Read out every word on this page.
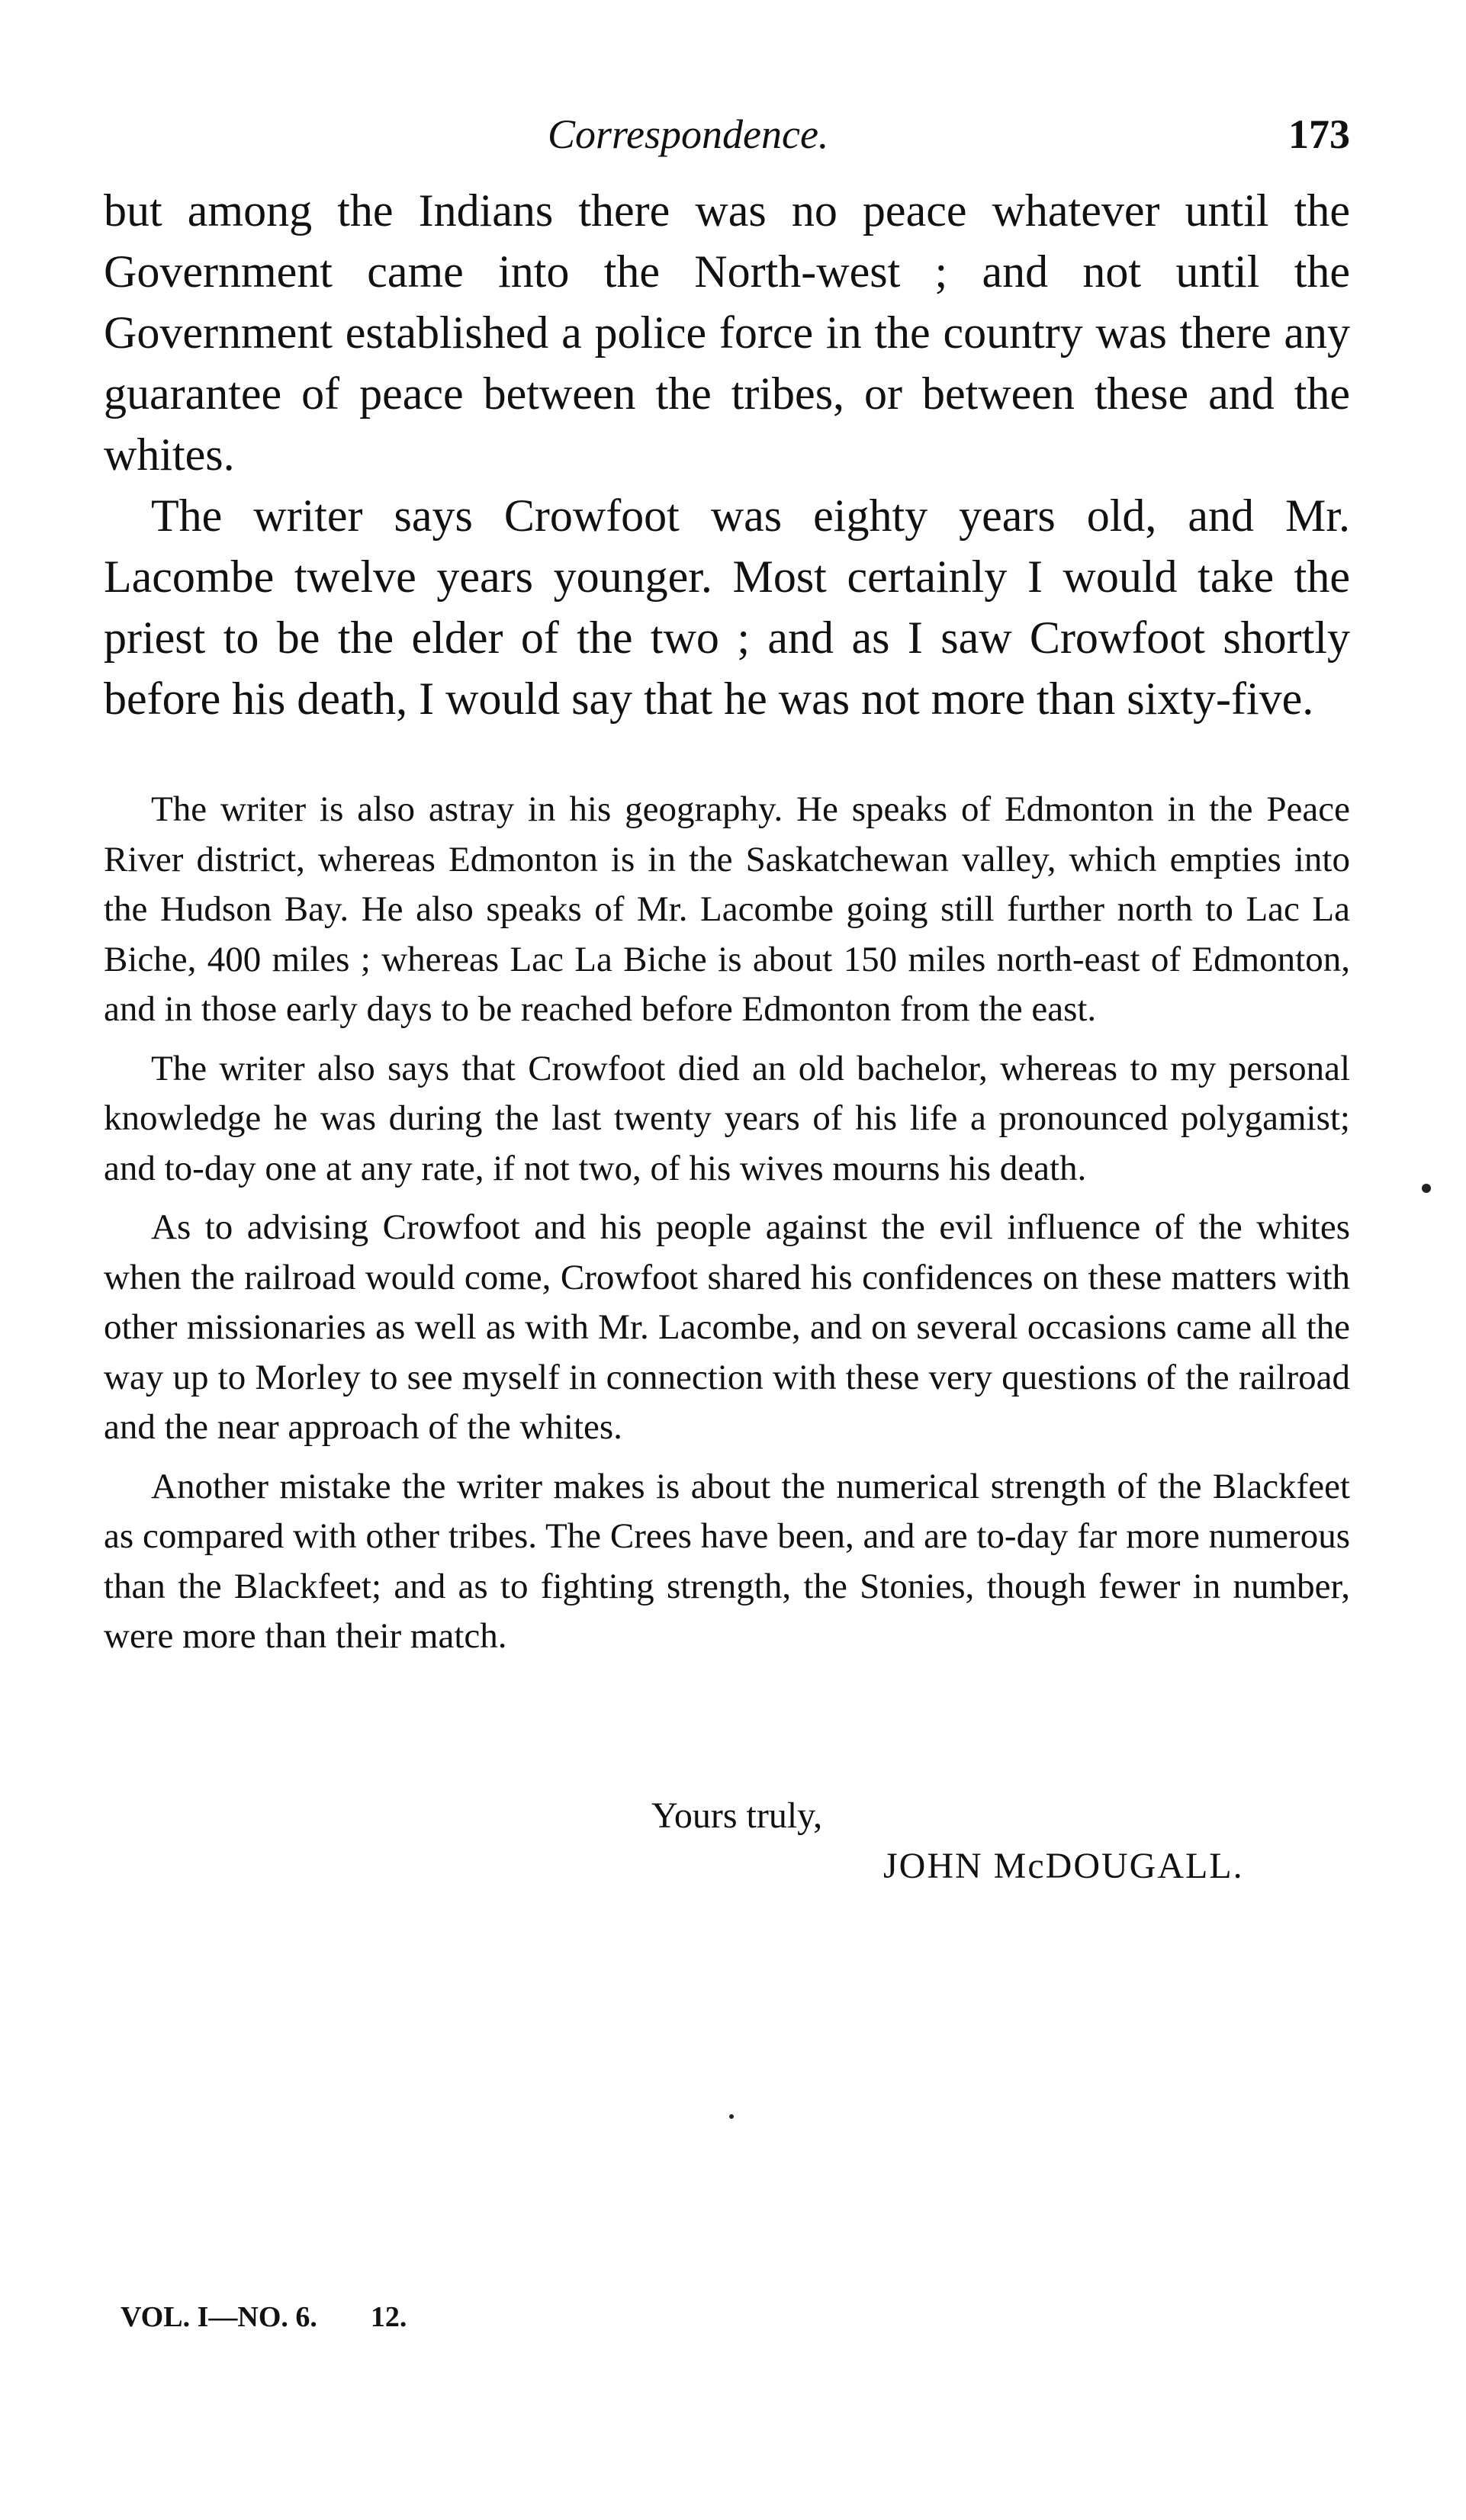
Correspondence.	173

but among the Indians there was no peace whatever until the Government came into the North-west ; and not until the Government established a police force in the country was there any guarantee of peace between the tribes, or between these and the whites.

The writer says Crowfoot was eighty years old, and Mr. Lacombe twelve years younger. Most certainly I would take the priest to be the elder of the two ; and as I saw Crowfoot shortly before his death, I would say that he was not more than sixty-five.

The writer is also astray in his geography. He speaks of Edmonton in the Peace River district, whereas Edmonton is in the Saskatchewan valley, which empties into the Hudson Bay. He also speaks of Mr. Lacombe going still further north to Lac La Biche, 400 miles ; whereas Lac La Biche is about 150 miles north-east of Edmonton, and in those early days to be reached before Edmonton from the east.

The writer also says that Crowfoot died an old bachelor, whereas to my personal knowledge he was during the last twenty years of his life a pronounced polygamist; and to-day one at any rate, if not two, of his wives mourns his death.

As to advising Crowfoot and his people against the evil influence of the whites when the railroad would come, Crowfoot shared his confidences on these matters with other missionaries as well as with Mr. Lacombe, and on several occasions came all the way up to Morley to see myself in connection with these very questions of the railroad and the near approach of the whites.

Another mistake the writer makes is about the numerical strength of the Blackfeet as compared with other tribes. The Crees have been, and are to-day far more numerous than the Blackfeet; and as to fighting strength, the Stonies, though fewer in number, were more than their match.

Yours truly,
JOHN McDOUGALL.
VOL. I—NO. 6. 12.
